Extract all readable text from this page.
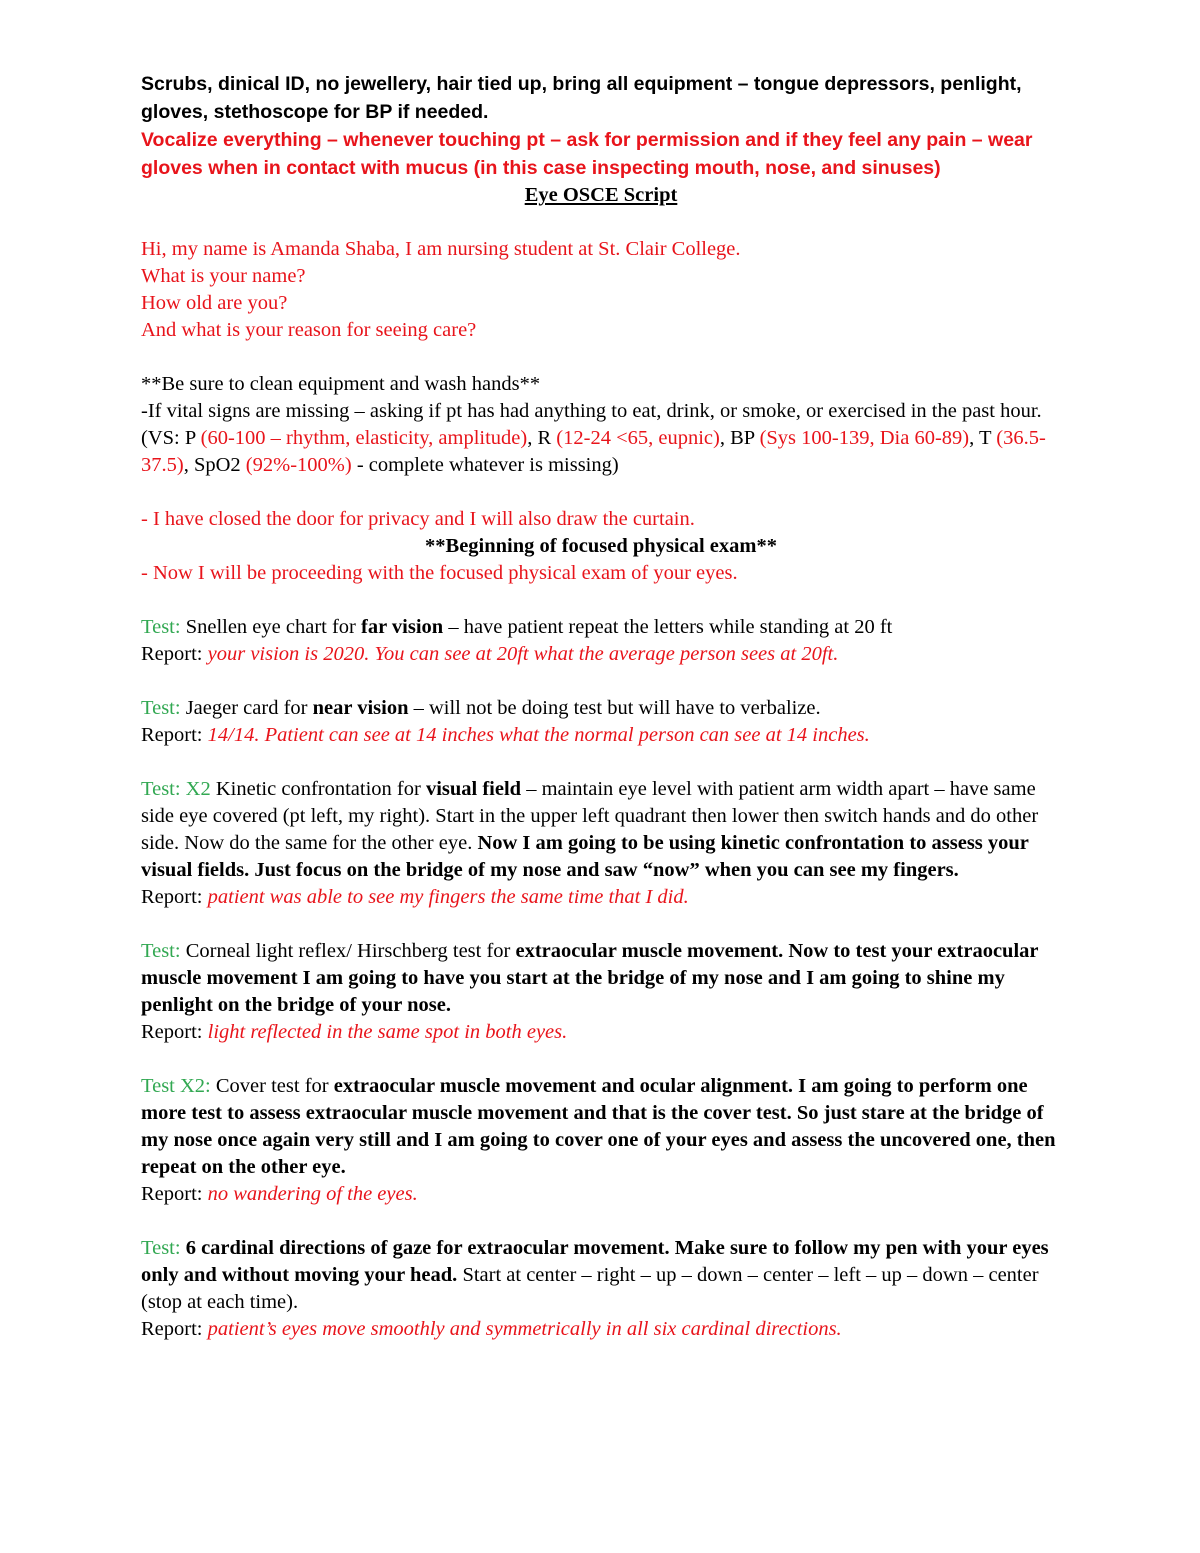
Scrubs, dinical ID, no jewellery, hair tied up, bring all equipment – tongue depressors, penlight, gloves, stethoscope for BP if needed.

Vocalize everything – whenever touching pt – ask for permission and if they feel any pain – wear gloves when in contact with mucus (in this case inspecting mouth, nose, and sinuses)

Eye OSCE Script

Hi, my name is Amanda Shaba, I am nursing student at St. Clair College.

What is your name?

How old are you?

And what is your reason for seeing care?

**Be sure to clean equipment and wash hands**

-If vital signs are missing – asking if pt has had anything to eat, drink, or smoke, or exercised in the past hour. (VS: P (60-100 – rhythm, elasticity, amplitude), R (12-24 <65, eupnic), BP (Sys 100-139, Dia 60-89), T (36.5-37.5), SpO2 (92%-100%) - complete whatever is missing)

- I have closed the door for privacy and I will also draw the curtain.

**Beginning of focused physical exam**

- Now I will be proceeding with the focused physical exam of your eyes.

Test: Snellen eye chart for far vision – have patient repeat the letters while standing at 20 ft

Report: your vision is 2020. You can see at 20ft what the average person sees at 20ft.

Test: Jaeger card for near vision – will not be doing test but will have to verbalize.

Report: 14/14. Patient can see at 14 inches what the normal person can see at 14 inches.

Test: X2 Kinetic confrontation for visual field – maintain eye level with patient arm width apart – have same side eye covered (pt left, my right). Start in the upper left quadrant then lower then switch hands and do other side. Now do the same for the other eye. Now I am going to be using kinetic confrontation to assess your visual fields. Just focus on the bridge of my nose and saw “now” when you can see my fingers.

Report: patient was able to see my fingers the same time that I did.

Test: Corneal light reflex/ Hirschberg test for extraocular muscle movement. Now to test your extraocular muscle movement I am going to have you start at the bridge of my nose and I am going to shine my penlight on the bridge of your nose.

Report: light reflected in the same spot in both eyes.

Test X2: Cover test for extraocular muscle movement and ocular alignment. I am going to perform one more test to assess extraocular muscle movement and that is the cover test. So just stare at the bridge of my nose once again very still and I am going to cover one of your eyes and assess the uncovered one, then repeat on the other eye.

Report: no wandering of the eyes.

Test: 6 cardinal directions of gaze for extraocular movement. Make sure to follow my pen with your eyes only and without moving your head. Start at center – right – up – down – center – left – up – down – center (stop at each time).

Report: patient’s eyes move smoothly and symmetrically in all six cardinal directions.
